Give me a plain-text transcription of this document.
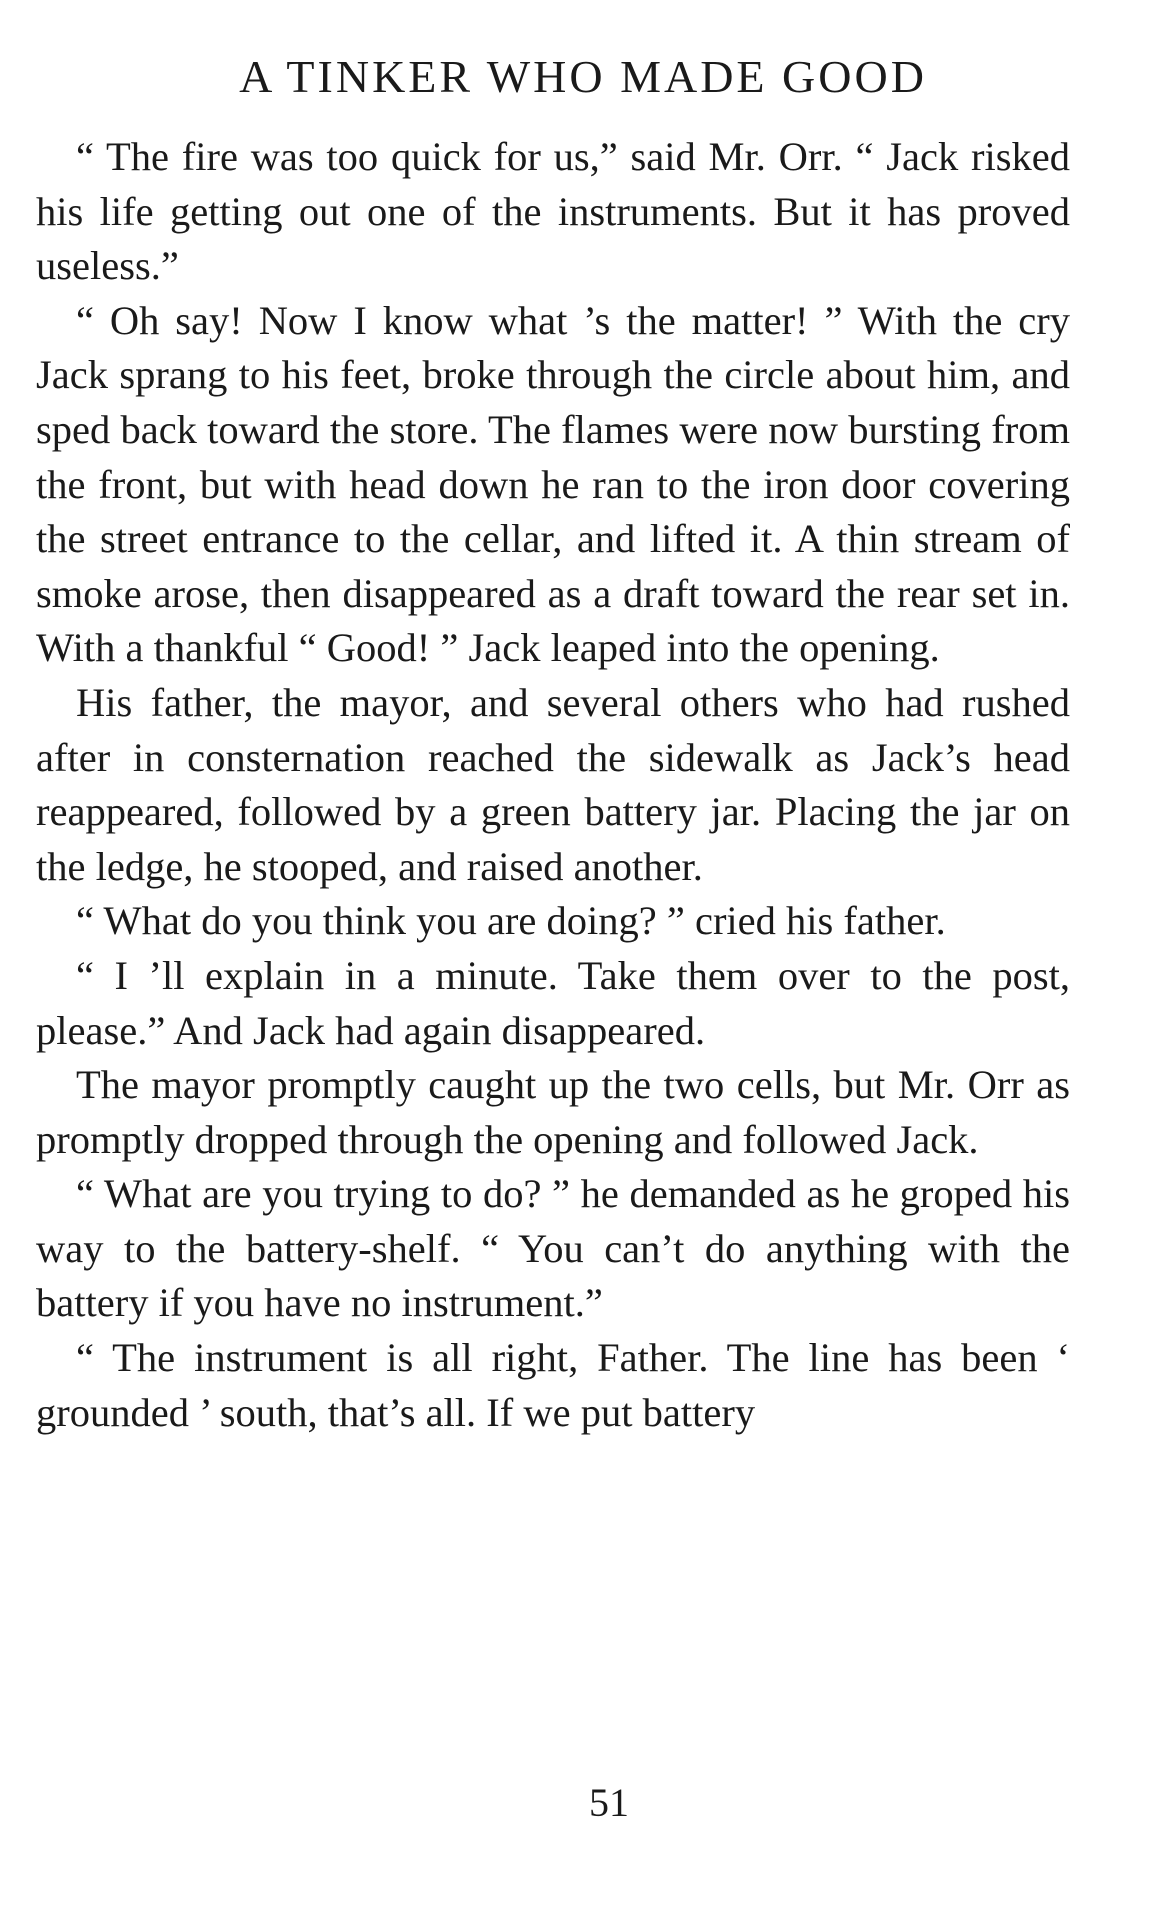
A TINKER WHO MADE GOOD

“ The fire was too quick for us,” said Mr. Orr. “ Jack risked his life getting out one of the instruments. But it has proved useless.”

“ Oh say! Now I know what ’s the matter! ” With the cry Jack sprang to his feet, broke through the circle about him, and sped back toward the store. The flames were now bursting from the front, but with head down he ran to the iron door covering the street entrance to the cellar, and lifted it. A thin stream of smoke arose, then disappeared as a draft toward the rear set in. With a thankful “ Good! ” Jack leaped into the opening.

His father, the mayor, and several others who had rushed after in consternation reached the sidewalk as Jack’s head reappeared, followed by a green battery jar. Placing the jar on the ledge, he stooped, and raised another.

“ What do you think you are doing? ” cried his father.

“ I ’ll explain in a minute. Take them over to the post, please.” And Jack had again disappeared.

The mayor promptly caught up the two cells, but Mr. Orr as promptly dropped through the opening and followed Jack.

“ What are you trying to do? ” he demanded as he groped his way to the battery-shelf. “ You can’t do anything with the battery if you have no instrument.”

“ The instrument is all right, Father. The line has been ‘ grounded ’ south, that’s all. If we put battery

51
